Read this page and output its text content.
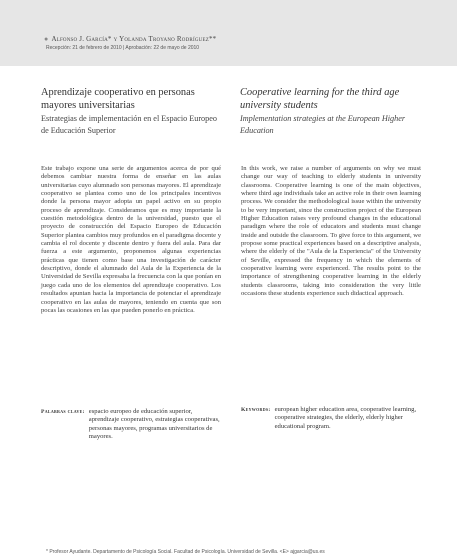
● Alfonso J. García* y Yolanda Troyano Rodríguez**
Recepción: 21 de febrero de 2010 | Aprobación: 22 de mayo de 2010
Aprendizaje cooperativo en personas mayores universitarias
Estrategias de implementación en el Espacio Europeo de Educación Superior
Cooperative learning for the third age university students
Implementation strategies at the European Higher Education

Este trabajo expone una serie de argumentos acerca de por qué debemos cambiar nuestra forma de enseñar en las aulas universitarias cuyo alumnado son personas mayores. El aprendizaje cooperativo se plantea como uno de los principales incentivos donde la persona mayor adopta un papel activo en su propio proceso de aprendizaje. Consideramos que es muy importante la cuestión metodológica dentro de la universidad, puesto que el proyecto de construcción del Espacio Europeo de Educación Superior plantea cambios muy profundos en el paradigma docente y cambia el rol docente y discente dentro y fuera del aula. Para dar fuerza a este argumento, proponemos algunas experiencias prácticas que tienen como base una investigación de carácter descriptivo, donde el alumnado del Aula de la Experiencia de la Universidad de Sevilla expresaba la frecuencia con la que ponían en juego cada uno de los elementos del aprendizaje cooperativo. Los resultados apuntan hacia la importancia de potenciar el aprendizaje cooperativo en las aulas de mayores, teniendo en cuenta que son pocas las ocasiones en las que pueden ponerlo en práctica.

In this work, we raise a number of arguments on why we must change our way of teaching to elderly students in university classrooms. Cooperative learning is one of the main objectives, where third age individuals take an active role in their own learning process. We consider the methodological issue within the university to be very important, since the construction project of the European Higher Education raises very profound changes in the educational paradigm where the role of educators and students must change inside and outside the classroom. To give force to this argument, we propose some practical experiences based on a descriptive analysis, where the elderly of the "Aula de la Experiencia" of the University of Seville, expressed the frequency in which the elements of cooperative learning were experienced. The results point to the importance of strengthening cooperative learning in the elderly students classrooms, taking into consideration the very little occasions these students experience such didactical approach.

Palabras clave: espacio europeo de educación superior, aprendizaje cooperativo, estrategias cooperativas, personas mayores, programas universitarios de mayores.
Keywords: european higher education area, cooperative learning, cooperative strategies, the elderly, elderly higher educational program.
* Profesor Ayudante. Departamento de Psicología Social. Facultad de Psicología. Universidad de Sevilla. <E> ajgarcia@us.es
